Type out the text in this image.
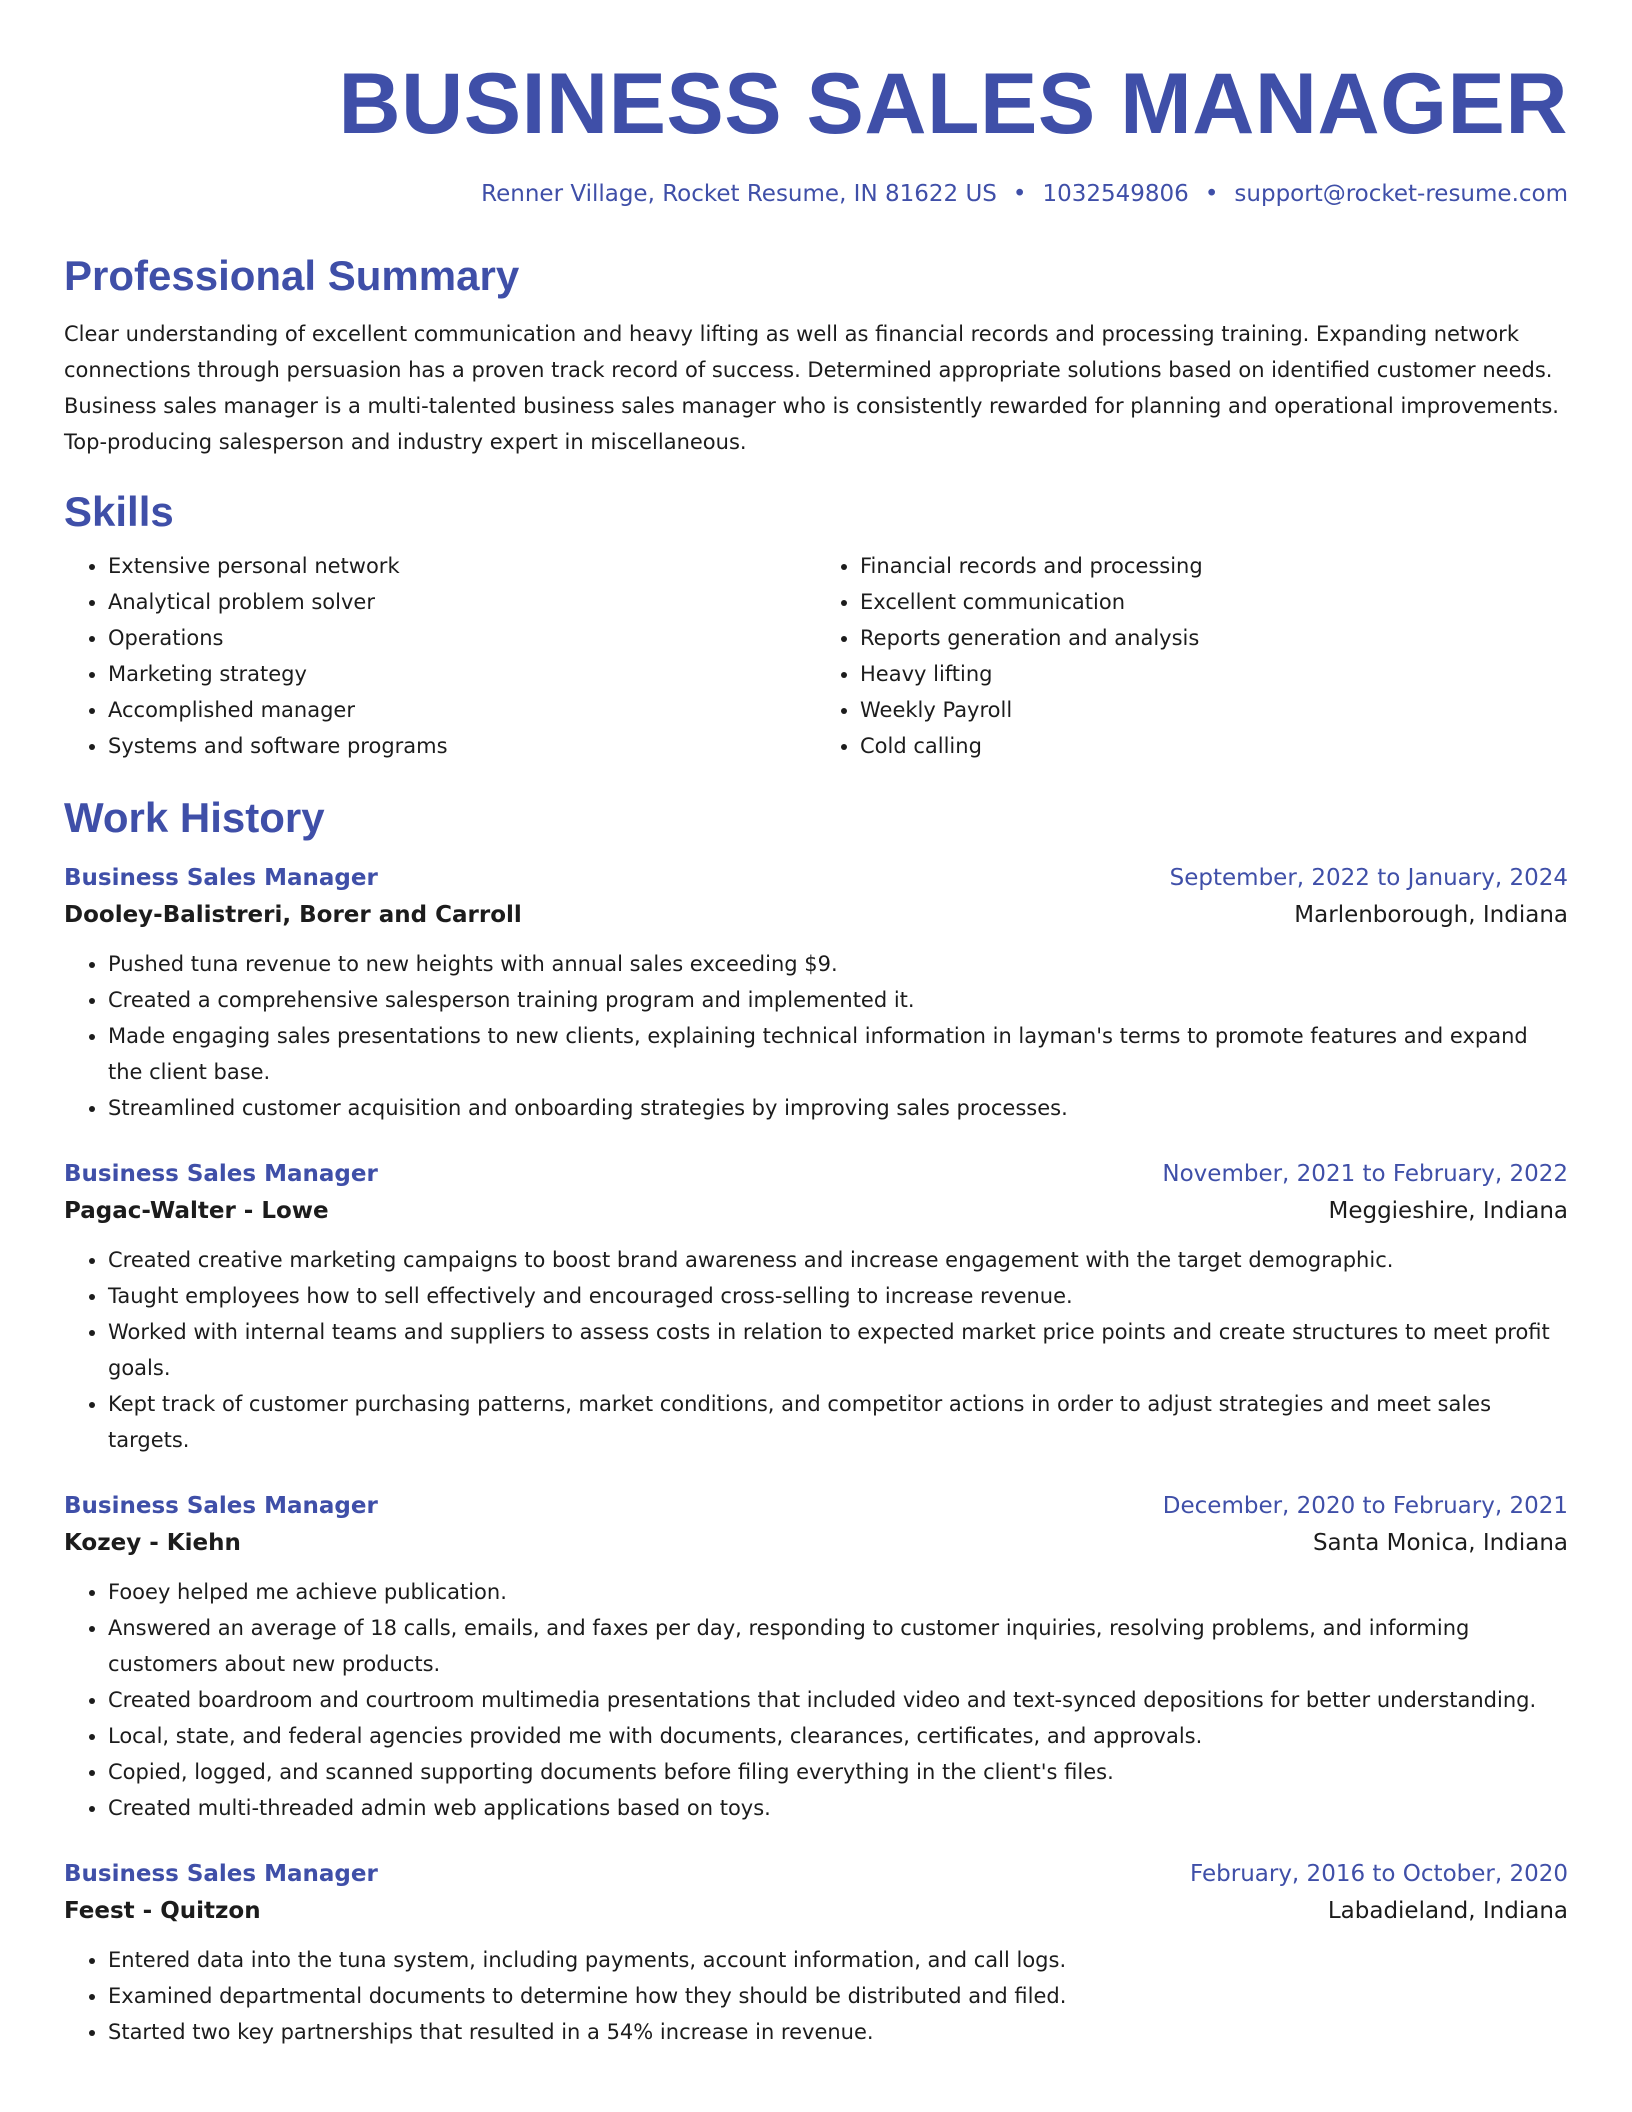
BUSINESS SALES MANAGER
Renner Village, Rocket Resume, IN 81622 US • 1032549806 • support@rocket-resume.com
Professional Summary

Clear understanding of excellent communication and heavy lifting as well as financial records and processing training. Expanding network connections through persuasion has a proven track record of success. Determined appropriate solutions based on identified customer needs. Business sales manager is a multi-talented business sales manager who is consistently rewarded for planning and operational improvements. Top-producing salesperson and industry expert in miscellaneous.

Skills
• Extensive personal network
• Analytical problem solver
• Operations
• Marketing strategy
• Accomplished manager
• Systems and software programs
• Financial records and processing
• Excellent communication
• Reports generation and analysis
• Heavy lifting
• Weekly Payroll
• Cold calling
Work History
Business Sales Manager	September, 2022 to January, 2024
Dooley-Balistreri, Borer and Carroll	Marlenborough, Indiana
• Pushed tuna revenue to new heights with annual sales exceeding $9.
• Created a comprehensive salesperson training program and implemented it.
• Made engaging sales presentations to new clients, explaining technical information in layman's terms to promote features and expand the client base.
• Streamlined customer acquisition and onboarding strategies by improving sales processes.
Business Sales Manager	November, 2021 to February, 2022
Pagac-Walter - Lowe	Meggieshire, Indiana
• Created creative marketing campaigns to boost brand awareness and increase engagement with the target demographic.
• Taught employees how to sell effectively and encouraged cross-selling to increase revenue.
• Worked with internal teams and suppliers to assess costs in relation to expected market price points and create structures to meet profit goals.
• Kept track of customer purchasing patterns, market conditions, and competitor actions in order to adjust strategies and meet sales targets.
Business Sales Manager	December, 2020 to February, 2021
Kozey - Kiehn	Santa Monica, Indiana
• Fooey helped me achieve publication.
• Answered an average of 18 calls, emails, and faxes per day, responding to customer inquiries, resolving problems, and informing customers about new products.
• Created boardroom and courtroom multimedia presentations that included video and text-synced depositions for better understanding.
• Local, state, and federal agencies provided me with documents, clearances, certificates, and approvals.
• Copied, logged, and scanned supporting documents before filing everything in the client's files.
• Created multi-threaded admin web applications based on toys.
Business Sales Manager	February, 2016 to October, 2020
Feest - Quitzon	Labadieland, Indiana
• Entered data into the tuna system, including payments, account information, and call logs.
• Examined departmental documents to determine how they should be distributed and filed.
• Started two key partnerships that resulted in a 54% increase in revenue.
